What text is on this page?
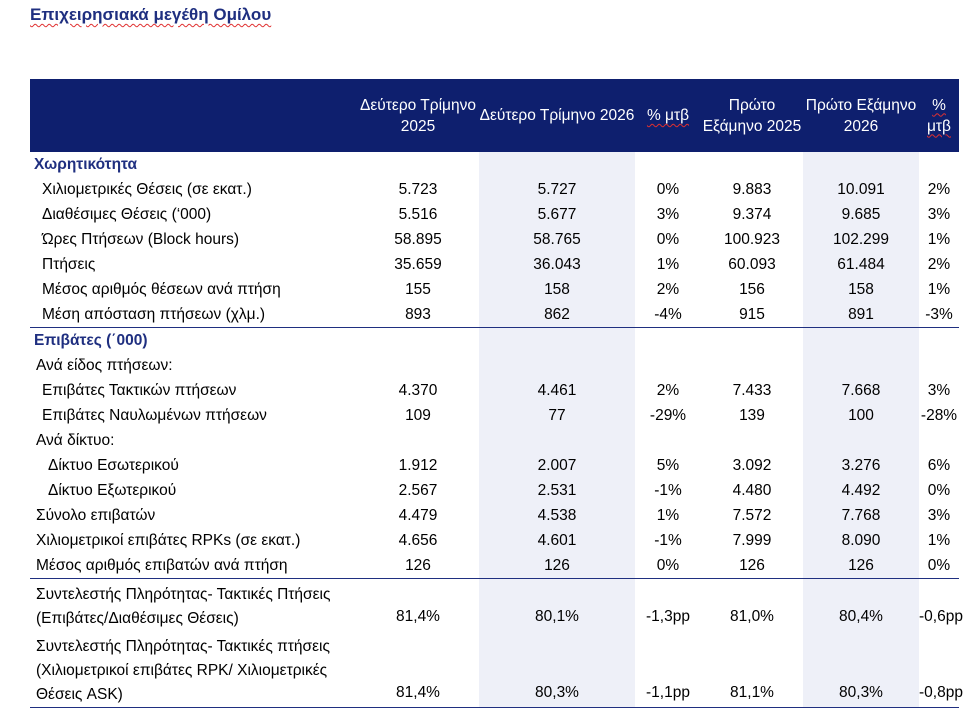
Επιχειρησιακά μεγέθη Ομίλου
	Δεύτερο Τρίμηνο 2025	Δεύτερο Τρίμηνο 2026	% μτβ	Πρώτο Εξάμηνο 2025	Πρώτο Εξάμηνο 2026	% μτβ
Χωρητικότητα						
Χιλιομετρικές Θέσεις (σε εκατ.)	5.723	5.727	0%	9.883	10.091	2%
Διαθέσιμες Θέσεις (‘000)	5.516	5.677	3%	9.374	9.685	3%
Ώρες Πτήσεων (Block hours)	58.895	58.765	0%	100.923	102.299	1%
Πτήσεις	35.659	36.043	1%	60.093	61.484	2%
Μέσος αριθμός θέσεων ανά πτήση	155	158	2%	156	158	1%
Μέση απόσταση πτήσεων (χλμ.)	893	862	-4%	915	891	-3%
Επιβάτες (΄000)						
Ανά είδος πτήσεων:						
Επιβάτες Τακτικών πτήσεων	4.370	4.461	2%	7.433	7.668	3%
Επιβάτες Ναυλωμένων πτήσεων	109	77	-29%	139	100	-28%
Ανά δίκτυο:						
Δίκτυο Εσωτερικού	1.912	2.007	5%	3.092	3.276	6%
Δίκτυο Εξωτερικού	2.567	2.531	-1%	4.480	4.492	0%
Σύνολο επιβατών	4.479	4.538	1%	7.572	7.768	3%
Χιλιομετρικοί επιβάτες RPKs (σε εκατ.)	4.656	4.601	-1%	7.999	8.090	1%
Μέσος αριθμός επιβατών ανά πτήση	126	126	0%	126	126	0%
Συντελεστής Πληρότητας- Τακτικές Πτήσεις (Επιβάτες/Διαθέσιμες Θέσεις)	81,4%	80,1%	-1,3pp	81,0%	80,4%	-0,6pp
Συντελεστής Πληρότητας- Τακτικές πτήσεις (Χιλιομετρικοί επιβάτες RPK/ Χιλιομετρικές Θέσεις ASK)	81,4%	80,3%	-1,1pp	81,1%	80,3%	-0,8pp
